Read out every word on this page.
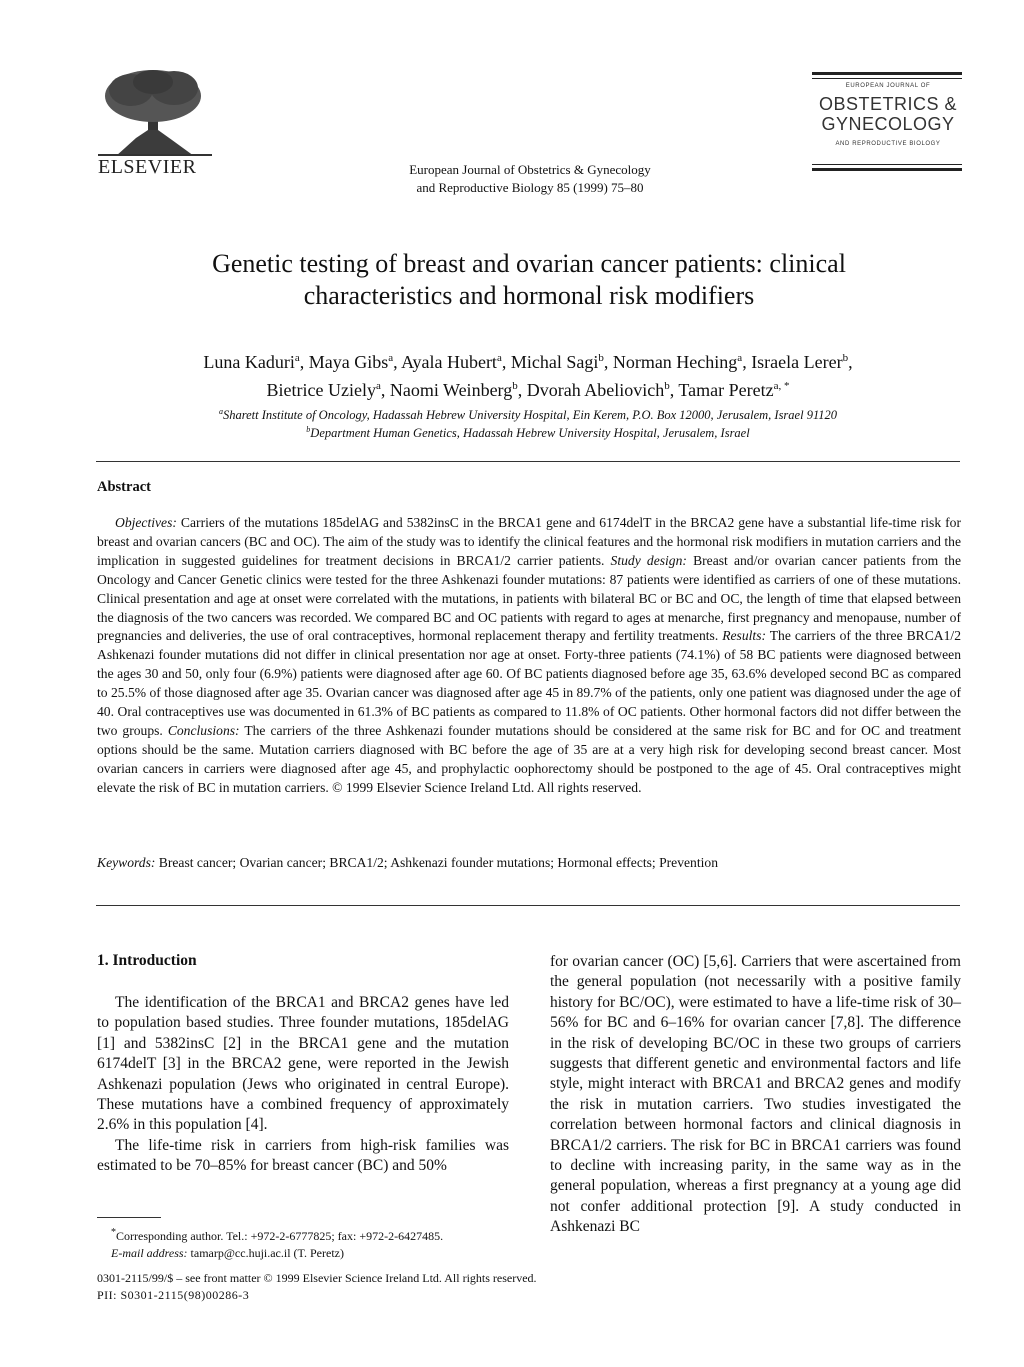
ELSEVIER	European Journal of Obstetrics & Gynecology
and Reproductive Biology 85 (1999) 75–80
EUROPEAN JOURNAL OF
OBSTETRICS &
GYNECOLOGY
AND REPRODUCTIVE BIOLOGY
Genetic testing of breast and ovarian cancer patients: clinical
characteristics and hormonal risk modifiers
Luna Kaduri$^a$, Maya Gibs$^a$, Ayala Hubert$^a$, Michal Sagi$^b$, Norman Heching$^a$, Israela Lerer$^b$,
Bietrice Uziely$^a$, Naomi Weinberg$^b$, Dvorah Abeliovich$^b$, Tamar Peretz$^{a, *}$
$^a$Sharett Institute of Oncology, Hadassah Hebrew University Hospital, Ein Kerem, P.O. Box 12000, Jerusalem, Israel 91120
$^b$Department Human Genetics, Hadassah Hebrew University Hospital, Jerusalem, Israel
Abstract

Objectives: Carriers of the mutations 185delAG and 5382insC in the BRCA1 gene and 6174delT in the BRCA2 gene have a substantial life-time risk for breast and ovarian cancers (BC and OC). The aim of the study was to identify the clinical features and the hormonal risk modifiers in mutation carriers and the implication in suggested guidelines for treatment decisions in BRCA1/2 carrier patients. Study design: Breast and/or ovarian cancer patients from the Oncology and Cancer Genetic clinics were tested for the three Ashkenazi founder mutations: 87 patients were identified as carriers of one of these mutations. Clinical presentation and age at onset were correlated with the mutations, in patients with bilateral BC or BC and OC, the length of time that elapsed between the diagnosis of the two cancers was recorded. We compared BC and OC patients with regard to ages at menarche, first pregnancy and menopause, number of pregnancies and deliveries, the use of oral contraceptives, hormonal replacement therapy and fertility treatments. Results: The carriers of the three BRCA1/2 Ashkenazi founder mutations did not differ in clinical presentation nor age at onset. Forty-three patients (74.1%) of 58 BC patients were diagnosed between the ages 30 and 50, only four (6.9%) patients were diagnosed after age 60. Of BC patients diagnosed before age 35, 63.6% developed second BC as compared to 25.5% of those diagnosed after age 35. Ovarian cancer was diagnosed after age 45 in 89.7% of the patients, only one patient was diagnosed under the age of 40. Oral contraceptives use was documented in 61.3% of BC patients as compared to 11.8% of OC patients. Other hormonal factors did not differ between the two groups. Conclusions: The carriers of the three Ashkenazi founder mutations should be considered at the same risk for BC and for OC and treatment options should be the same. Mutation carriers diagnosed with BC before the age of 35 are at a very high risk for developing second breast cancer. Most ovarian cancers in carriers were diagnosed after age 45, and prophylactic oophorectomy should be postponed to the age of 45. Oral contraceptives might elevate the risk of BC in mutation carriers. © 1999 Elsevier Science Ireland Ltd. All rights reserved.

Keywords: Breast cancer; Ovarian cancer; BRCA1/2; Ashkenazi founder mutations; Hormonal effects; Prevention
1. Introduction

The identification of the BRCA1 and BRCA2 genes have led to population based studies. Three founder mutations, 185delAG [1] and 5382insC [2] in the BRCA1 gene and the mutation 6174delT [3] in the BRCA2 gene, were reported in the Jewish Ashkenazi population (Jews who originated in central Europe). These mutations have a combined frequency of approximately 2.6% in this population [4].

The life-time risk in carriers from high-risk families was estimated to be 70–85% for breast cancer (BC) and 50%

for ovarian cancer (OC) [5,6]. Carriers that were ascertained from the general population (not necessarily with a positive family history for BC/OC), were estimated to have a life-time risk of 30–56% for BC and 6–16% for ovarian cancer [7,8]. The difference in the risk of developing BC/OC in these two groups of carriers suggests that different genetic and environmental factors and life style, might interact with BRCA1 and BRCA2 genes and modify the risk in mutation carriers. Two studies investigated the correlation between hormonal factors and clinical diagnosis in BRCA1/2 carriers. The risk for BC in BRCA1 carriers was found to decline with increasing parity, in the same way as in the general population, whereas a first pregnancy at a young age did not confer additional protection [9]. A study conducted in Ashkenazi BC

*Corresponding author. Tel.: +972-2-6777825; fax: +972-2-6427485.
E-mail address: tamarp@cc.huji.ac.il (T. Peretz)
0301-2115/99/$ – see front matter © 1999 Elsevier Science Ireland Ltd. All rights reserved.
PII: S0301-2115(98)00286-3
